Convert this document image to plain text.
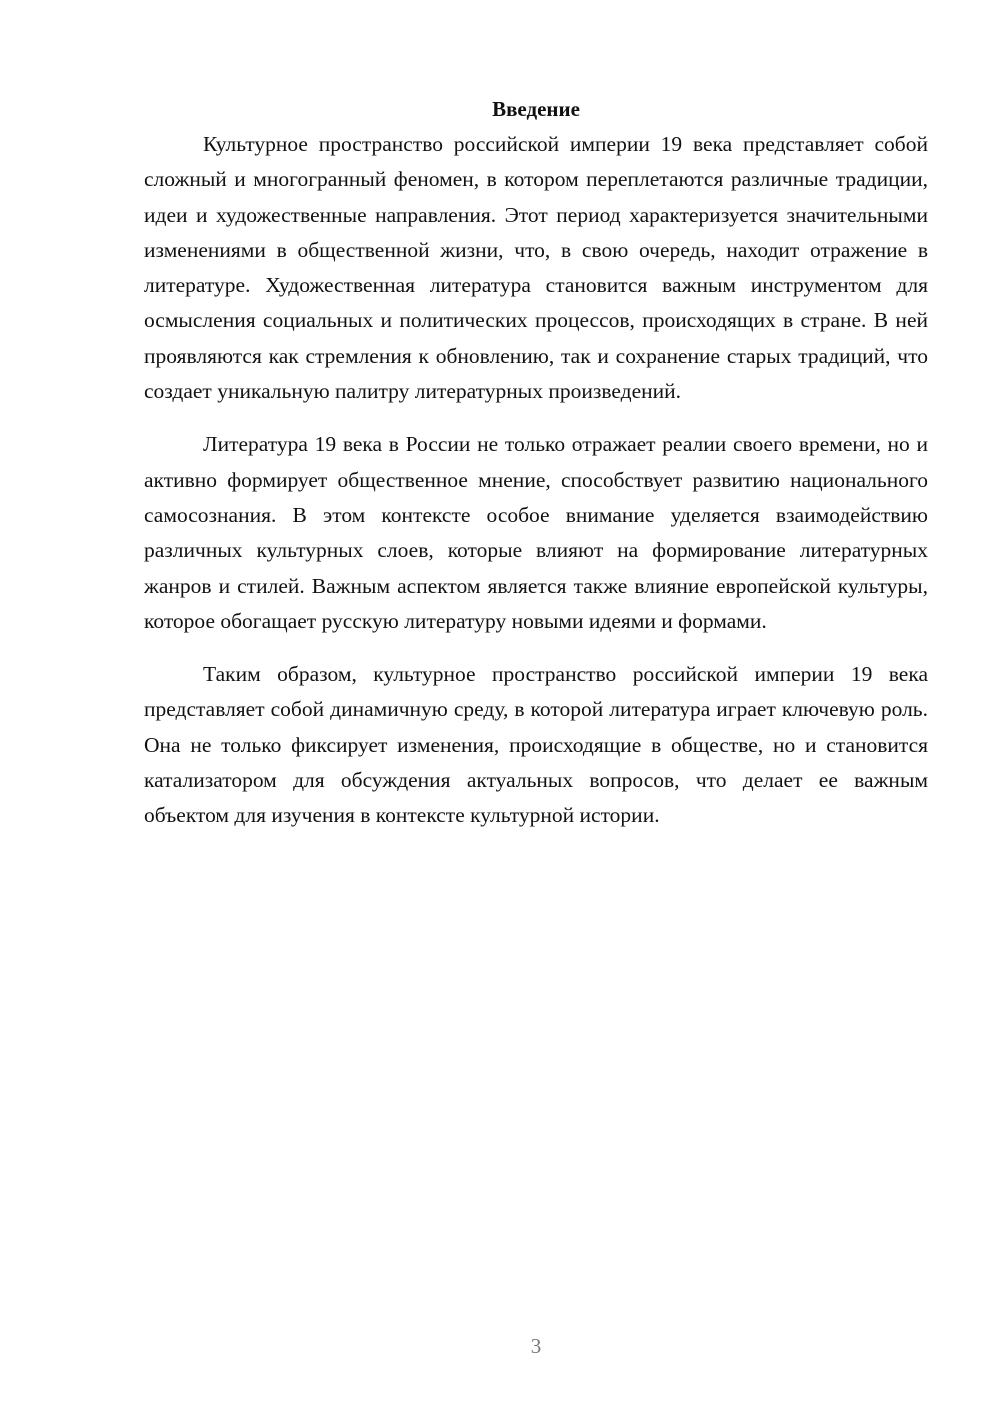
Введение

Культурное пространство российской империи 19 века представляет собой сложный и многогранный феномен, в котором переплетаются различные традиции, идеи и художественные направления. Этот период характеризуется значительными изменениями в общественной жизни, что, в свою очередь, находит отражение в литературе. Художественная литература становится важным инструментом для осмысления социальных и политических процессов, происходящих в стране. В ней проявляются как стремления к обновлению, так и сохранение старых традиций, что создает уникальную палитру литературных произведений.

Литература 19 века в России не только отражает реалии своего времени, но и активно формирует общественное мнение, способствует развитию национального самосознания. В этом контексте особое внимание уделяется взаимодействию различных культурных слоев, которые влияют на формирование литературных жанров и стилей. Важным аспектом является также влияние европейской культуры, которое обогащает русскую литературу новыми идеями и формами.

Таким образом, культурное пространство российской империи 19 века представляет собой динамичную среду, в которой литература играет ключевую роль. Она не только фиксирует изменения, происходящие в обществе, но и становится катализатором для обсуждения актуальных вопросов, что делает ее важным объектом для изучения в контексте культурной истории.

3
